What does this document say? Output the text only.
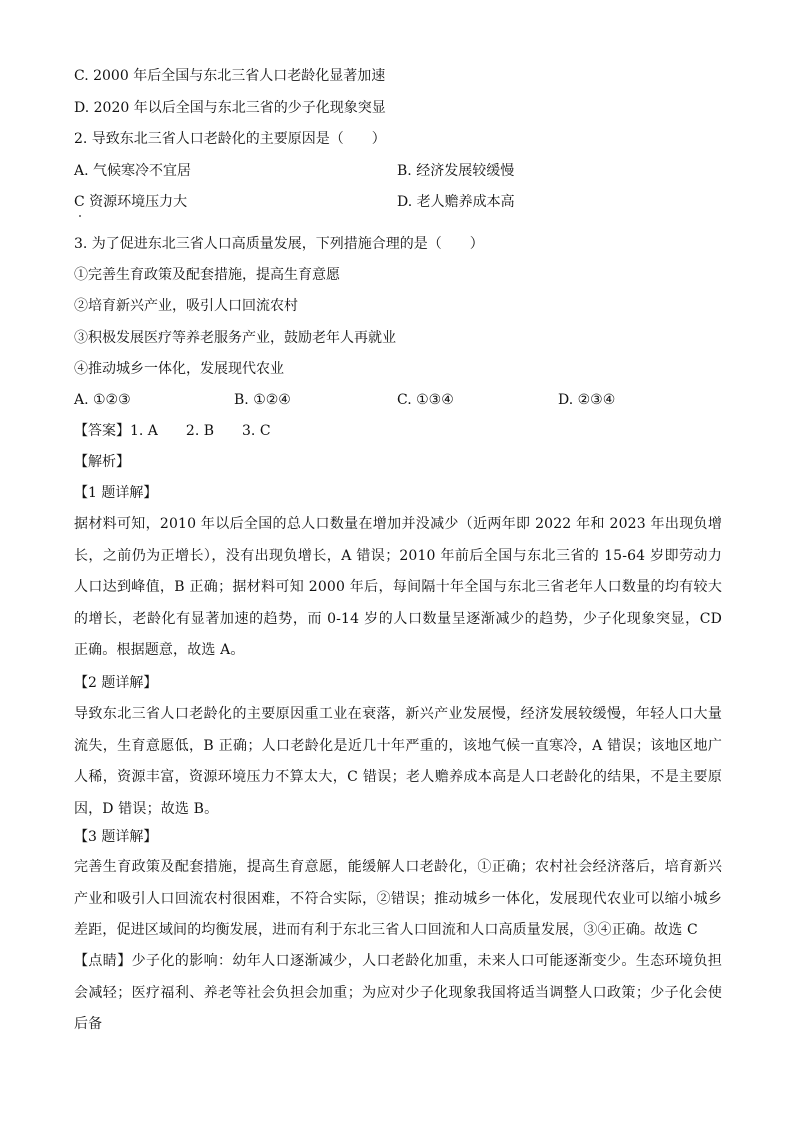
C. 2000 年后全国与东北三省人口老龄化显著加速
D. 2020 年以后全国与东北三省的少子化现象突显
2. 导致东北三省人口老龄化的主要原因是（　　）
A. 气候寒冷不宜居	B. 经济发展较缓慢
C 资源环境压力大	D. 老人赡养成本高
3. 为了促进东北三省人口高质量发展，下列措施合理的是（　　）
①完善生育政策及配套措施，提高生育意愿
②培育新兴产业，吸引人口回流农村
③积极发展医疗等养老服务产业，鼓励老年人再就业
④推动城乡一体化，发展现代农业
A. ①②③	B. ①②④	C. ①③④	D. ②③④
【答案】1. A　　2. B　　3. C
【解析】
【1 题详解】
据材料可知，2010 年以后全国的总人口数量在增加并没减少（近两年即 2022 年和 2023 年出现负增长，之前仍为正增长），没有出现负增长，A 错误；2010 年前后全国与东北三省的 15-64 岁即劳动力人口达到峰值，B 正确；据材料可知 2000 年后，每间隔十年全国与东北三省老年人口数量的均有较大的增长，老龄化有显著加速的趋势，而 0-14 岁的人口数量呈逐渐减少的趋势，少子化现象突显，CD 正确。根据题意，故选 A。
【2 题详解】
导致东北三省人口老龄化的主要原因重工业在衰落，新兴产业发展慢，经济发展较缓慢，年轻人口大量流失，生育意愿低，B 正确；人口老龄化是近几十年严重的，该地气候一直寒冷，A 错误；该地区地广人稀，资源丰富，资源环境压力不算太大，C 错误；老人赡养成本高是人口老龄化的结果，不是主要原因，D 错误；故选 B。
【3 题详解】
完善生育政策及配套措施，提高生育意愿，能缓解人口老龄化，①正确；农村社会经济落后，培育新兴产业和吸引人口回流农村很困难，不符合实际，②错误；推动城乡一体化，发展现代农业可以缩小城乡差距，促进区域间的均衡发展，进而有利于东北三省人口回流和人口高质量发展，③④正确。故选 C
【点睛】少子化的影响：幼年人口逐渐减少，人口老龄化加重，未来人口可能逐渐变少。生态环境负担会减轻；医疗福利、养老等社会负担会加重；为应对少子化现象我国将适当调整人口政策；少子化会使后备
